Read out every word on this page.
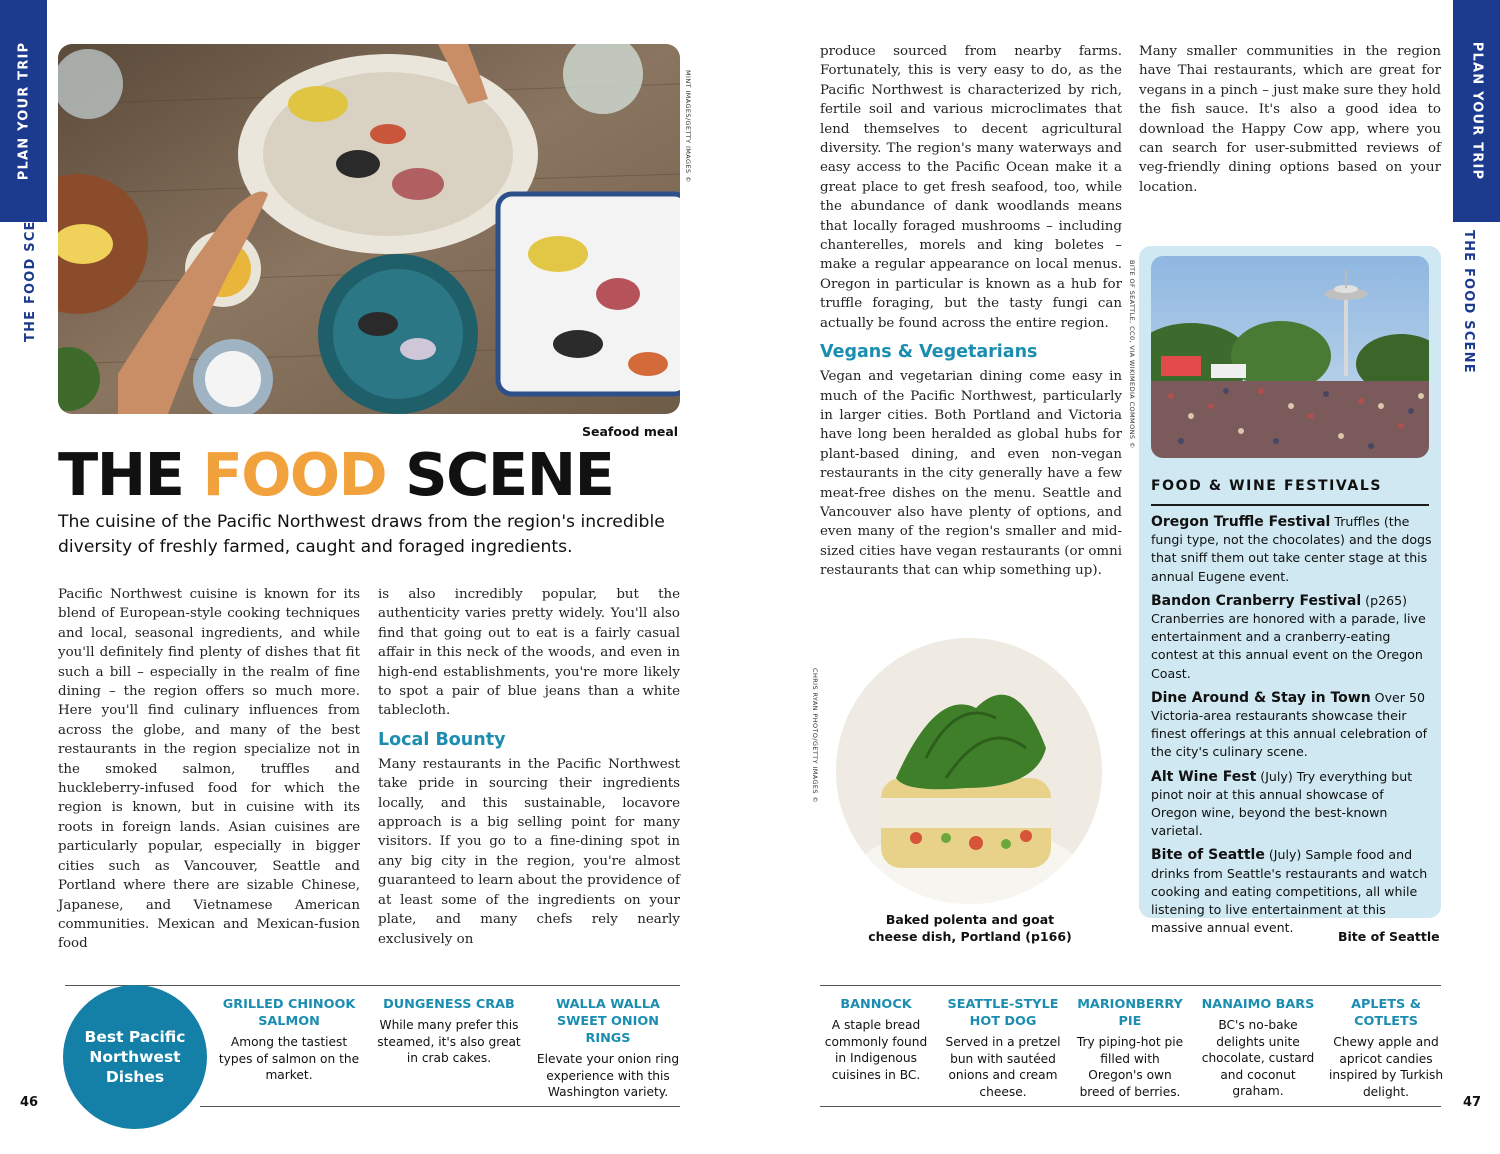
PLAN YOUR TRIP
THE FOOD SCENE
MINT IMAGES/GETTY IMAGES ©
Seafood meal
THE FOOD SCENE
The cuisine of the Pacific Northwest draws from the region's incredible diversity of freshly farmed, caught and foraged ingredients.

Pacific Northwest cuisine is known for its blend of European-style cooking techniques and local, seasonal ingredients, and while you'll definitely find plenty of dishes that fit such a bill – especially in the realm of fine dining – the region offers so much more. Here you'll find culinary influences from across the globe, and many of the best restaurants in the region specialize not in the smoked salmon, truffles and huckleberry-infused food for which the region is known, but in cuisine with its roots in foreign lands. Asian cuisines are particularly popular, especially in bigger cities such as Vancouver, Seattle and Portland where there are sizable Chinese, Japanese, and Vietnamese American communities. Mexican and Mexican-fusion food

is also incredibly popular, but the authenticity varies pretty widely. You'll also find that going out to eat is a fairly casual affair in this neck of the woods, and even in high-end establishments, you're more likely to spot a pair of blue jeans than a white tablecloth.

Local Bounty

Many restaurants in the Pacific Northwest take pride in sourcing their ingredients locally, and this sustainable, locavore approach is a big selling point for many visitors. If you go to a fine-dining spot in any big city in the region, you're almost guaranteed to learn about the providence of at least some of the ingredients on your plate, and many chefs rely nearly exclusively on

Best Pacific Northwest Dishes
GRILLED CHINOOK SALMON
Among the tastiest types of salmon on the market.
DUNGENESS CRAB
While many prefer this steamed, it's also great in crab cakes.
WALLA WALLA SWEET ONION RINGS
Elevate your onion ring experience with this Washington variety.
46
PLAN YOUR TRIP
THE FOOD SCENE

produce sourced from nearby farms. Fortunately, this is very easy to do, as the Pacific Northwest is characterized by rich, fertile soil and various microclimates that lend themselves to decent agricultural diversity. The region's many waterways and easy access to the Pacific Ocean make it a great place to get fresh seafood, too, while the abundance of dank woodlands means that locally foraged mushrooms – including chanterelles, morels and king boletes – make a regular appearance on local menus. Oregon in particular is known as a hub for truffle foraging, but the tasty fungi can actually be found across the entire region.

Vegans & Vegetarians

Vegan and vegetarian dining come easy in much of the Pacific Northwest, particularly in larger cities. Both Portland and Victoria have long been heralded as global hubs for plant-based dining, and even non-vegan restaurants in the city generally have a few meat-free dishes on the menu. Seattle and Vancouver also have plenty of options, and even many of the region's smaller and mid-sized cities have vegan restaurants (or omni restaurants that can whip something up).

Many smaller communities in the region have Thai restaurants, which are great for vegans in a pinch – just make sure they hold the fish sauce. It's also a good idea to download the Happy Cow app, where you can search for user-submitted reviews of veg-friendly dining options based on your location.

BITE OF SEATTLE, CC0, VIA WIKIMEDIA COMMONS ©
FOOD & WINE FESTIVALS
Oregon Truffle Festival Truffles (the fungi type, not the chocolates) and the dogs that sniff them out take center stage at this annual Eugene event.
Bandon Cranberry Festival (p265) Cranberries are honored with a parade, live entertainment and a cranberry-eating contest at this annual event on the Oregon Coast.
Dine Around & Stay in Town Over 50 Victoria-area restaurants showcase their finest offerings at this annual celebration of the city's culinary scene.
Alt Wine Fest (July) Try everything but pinot noir at this annual showcase of Oregon wine, beyond the best-known varietal.
Bite of Seattle (July) Sample food and drinks from Seattle's restaurants and watch cooking and eating competitions, all while listening to live entertainment at this massive annual event.
Bite of Seattle
CHRIS RYAN PHOTO/GETTY IMAGES ©
Baked polenta and goat
cheese dish, Portland (p166)
BANNOCK
A staple bread commonly found in Indigenous cuisines in BC.
SEATTLE-STYLE HOT DOG
Served in a pretzel bun with sautéed onions and cream cheese.
MARIONBERRY PIE
Try piping-hot pie filled with Oregon's own breed of berries.
NANAIMO BARS
BC's no-bake delights unite chocolate, custard and coconut graham.
APLETS & COTLETS
Chewy apple and apricot candies inspired by Turkish delight.
47
